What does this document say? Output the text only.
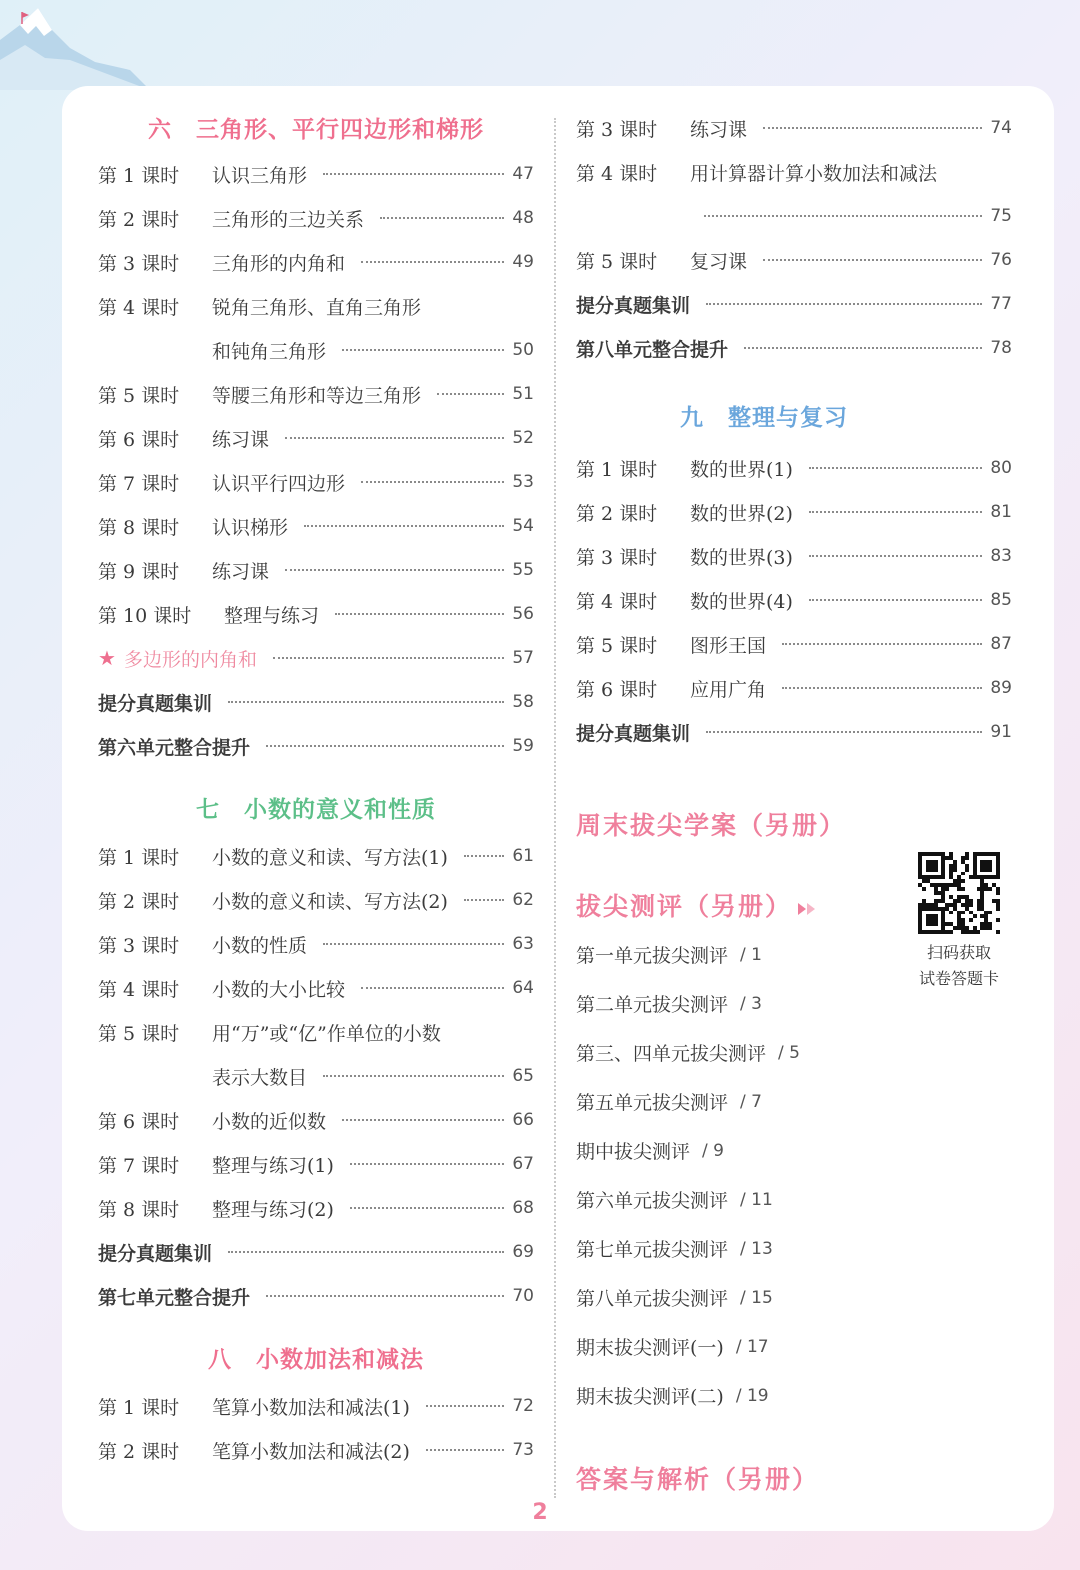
六 三角形、平行四边形和梯形
第 1 课时	认识三角形	47
第 2 课时	三角形的三边关系	48
第 3 课时	三角形的内角和	49
第 4 课时	锐角三角形、直角三角形
和钝角三角形	50
第 5 课时	等腰三角形和等边三角形	51
第 6 课时	练习课	52
第 7 课时	认识平行四边形	53
第 8 课时	认识梯形	54
第 9 课时	练习课	55
第 10 课时	整理与练习	56
★ 多边形的内角和	57
提分真题集训	58
第六单元整合提升	59
七 小数的意义和性质
第 1 课时	小数的意义和读、写方法(1)	61
第 2 课时	小数的意义和读、写方法(2)	62
第 3 课时	小数的性质	63
第 4 课时	小数的大小比较	64
第 5 课时	用“万”或“亿”作单位的小数
表示大数目	65
第 6 课时	小数的近似数	66
第 7 课时	整理与练习(1)	67
第 8 课时	整理与练习(2)	68
提分真题集训	69
第七单元整合提升	70
八 小数加法和减法
第 1 课时	笔算小数加法和减法(1)	72
第 2 课时	笔算小数加法和减法(2)	73
第 3 课时	练习课	74
第 4 课时	用计算器计算小数加法和减法
75
第 5 课时	复习课	76
提分真题集训	77
第八单元整合提升	78
九 整理与复习
第 1 课时	数的世界(1)	80
第 2 课时	数的世界(2)	81
第 3 课时	数的世界(3)	83
第 4 课时	数的世界(4)	85
第 5 课时	图形王国	87
第 6 课时	应用广角	89
提分真题集训	91
周末拔尖学案（另册）
拔尖测评（另册）
第一单元拔尖测评 / 1
第二单元拔尖测评 / 3
第三、四单元拔尖测评 / 5
第五单元拔尖测评 / 7
期中拔尖测评 / 9
第六单元拔尖测评 / 11
第七单元拔尖测评 / 13
第八单元拔尖测评 / 15
期末拔尖测评(一) / 17
期末拔尖测评(二) / 19
答案与解析（另册）
扫码获取
试卷答题卡
2
